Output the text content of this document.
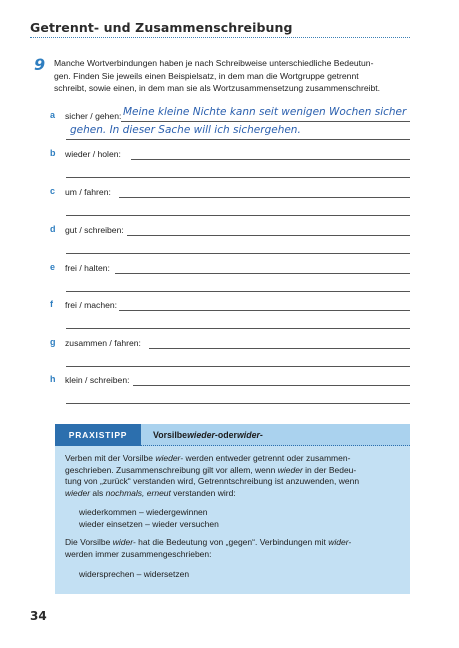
Getrennt- und Zusammenschreibung
9 Manche Wortverbindungen haben je nach Schreibweise unterschiedliche Bedeutun-

gen. Finden Sie jeweils einen Beispielsatz, in dem man die Wortgruppe getrennt

schreibt, sowie einen, in dem man sie als Wortzusammensetzung zusammenschreibt.

a sicher / gehen: Meine kleine Nichte kann seit wenigen Wochen sicher
gehen. In dieser Sache will ich sichergehen.
b wieder / holen:
c um / fahren:
d gut / schreiben:
e frei / halten:
f frei / machen:
g zusammen / fahren:
h klein / schreiben:
PRAXISTIPP	Vorsilbe wieder- oder wider-

Verben mit der Vorsilbe wieder- werden entweder getrennt oder zusammen-
geschrieben. Zusammenschreibung gilt vor allem, wenn wieder in der Bedeu-
tung von „zurück“ verstanden wird, Getrenntschreibung ist anzuwenden, wenn
wieder als nochmals, erneut verstanden wird:

wiederkommen – wiedergewinnen
wieder einsetzen – wieder versuchen

Die Vorsilbe wider- hat die Bedeutung von „gegen“. Verbindungen mit wider-
werden immer zusammengeschrieben:

widersprechen – widersetzen
34
